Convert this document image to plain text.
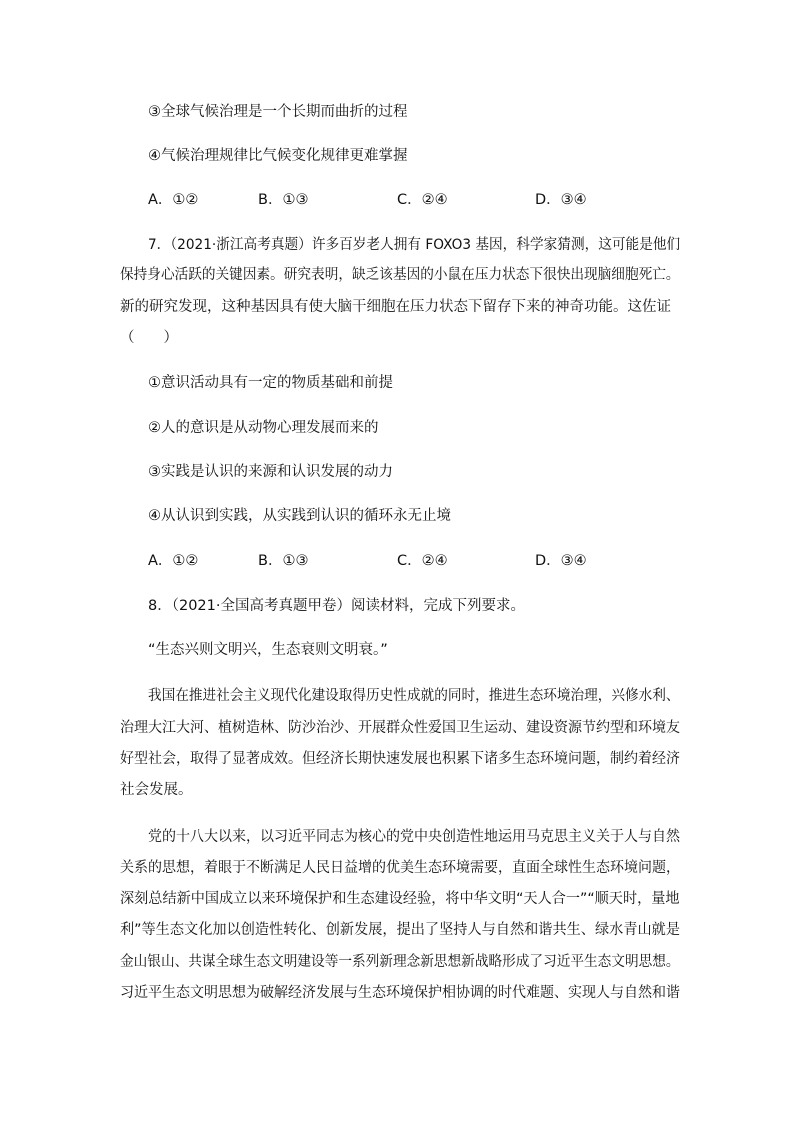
③全球气候治理是一个长期而曲折的过程
④气候治理规律比气候变化规律更难掌握
A．①②	B．①③	C．②④	D．③④
7．（2021·浙江高考真题）许多百岁老人拥有 FOXO3 基因，科学家猜测，这可能是他们
保持身心活跃的关键因素。研究表明，缺乏该基因的小鼠在压力状态下很快出现脑细胞死亡。
新的研究发现，这种基因具有使大脑干细胞在压力状态下留存下来的神奇功能。这佐证
（　　）
①意识活动具有一定的物质基础和前提
②人的意识是从动物心理发展而来的
③实践是认识的来源和认识发展的动力
④从认识到实践，从实践到认识的循环永无止境
A．①②	B．①③	C．②④	D．③④
8．（2021·全国高考真题甲卷）阅读材料，完成下列要求。
“生态兴则文明兴，生态衰则文明衰。”
我国在推进社会主义现代化建设取得历史性成就的同时，推进生态环境治理，兴修水利、
治理大江大河、植树造林、防沙治沙、开展群众性爱国卫生运动、建设资源节约型和环境友
好型社会，取得了显著成效。但经济长期快速发展也积累下诸多生态环境问题，制约着经济
社会发展。
党的十八大以来，以习近平同志为核心的党中央创造性地运用马克思主义关于人与自然
关系的思想，着眼于不断满足人民日益增的优美生态环境需要，直面全球性生态环境问题，
深刻总结新中国成立以来环境保护和生态建设经验，将中华文明“天人合一”“顺天时，量地
利”等生态文化加以创造性转化、创新发展，提出了坚持人与自然和谐共生、绿水青山就是
金山银山、共谋全球生态文明建设等一系列新理念新思想新战略形成了习近平生态文明思想。
习近平生态文明思想为破解经济发展与生态环境保护相协调的时代难题、实现人与自然和谐
